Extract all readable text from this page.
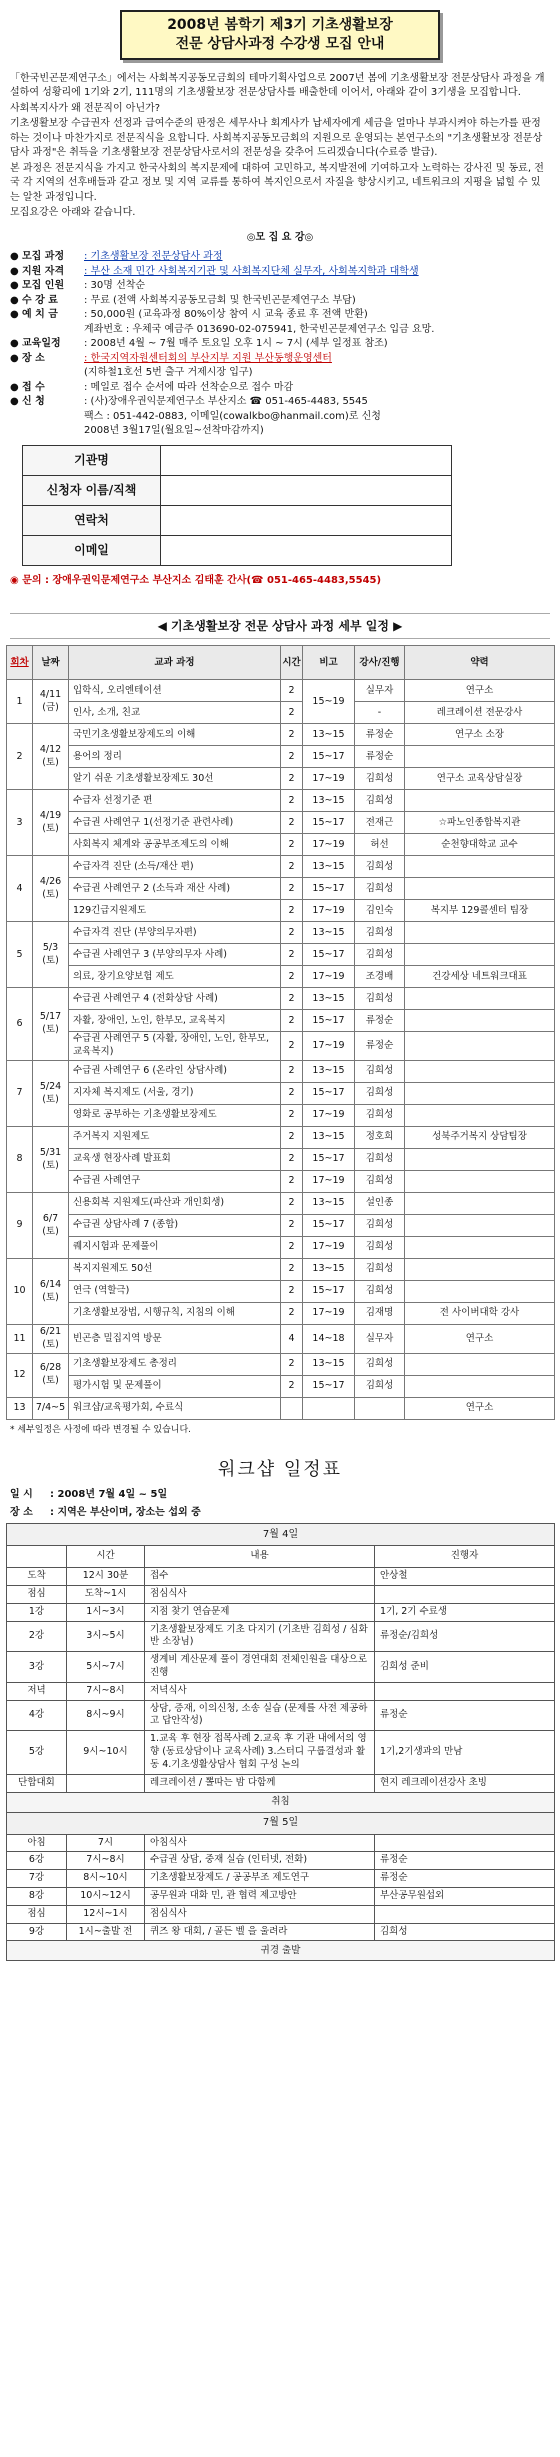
2008년 봄학기 제3기 기초생활보장
전문 상담사과정 수강생 모집 안내

「한국빈곤문제연구소」에서는 사회복지공동모금회의 테마기획사업으로 2007년 봄에 기초생활보장 전문상담사 과정을 개설하여 성황리에 1기와 2기, 111명의 기초생활보장 전문상담사를 배출한데 이어서, 아래와 같이 3기생을 모집합니다.

사회복지사가 왜 전문직이 아닌가?

기초생활보장 수급권자 선정과 급여수준의 판정은 세무사나 회계사가 납세자에게 세금을 얼마나 부과시켜야 하는가를 판정하는 것이나 마찬가지로 전문직식을 요합니다. 사회복지공동모금회의 지원으로 운영되는 본연구소의 "기초생활보장 전문상담사 과정"은 취득을 기초생활보장 전문상담사로서의 전문성을 갖추어 드리겠습니다(수료증 발급).

본 과정은 전문지식을 가지고 한국사회의 복지문제에 대하여 고민하고, 복지발전에 기여하고자 노력하는 강사진 및 동료, 전국 각 지역의 선후배들과 같고 정보 및 지역 교류를 통하여 복지인으로서 자질을 향상시키고, 네트워크의 지평을 넓힐 수 있는 알찬 과정입니다.

모집요강은 아래와 같습니다.

◎모 집 요 강◎
● 모집 과정	: 기초생활보장 전문상담사 과정
● 지원 자격	: 부산 소재 민간 사회복지기관 및 사회복지단체 실무자, 사회복지학과 대학생
● 모집 인원	: 30명 선착순
● 수 강 료	: 무료 (전액 사회복지공동모금회 및 한국빈곤문제연구소 부담)
● 예 치 금	: 50,000원 (교육과정 80%이상 참여 시 교육 종료 후 전액 반환)
계좌번호 : 우체국 예금주 013690-02-075941, 한국빈곤문제연구소 입금 요망.
● 교육일정	: 2008년 4월 ~ 7월 매주 토요일 오후 1시 ~ 7시 (세부 일정표 참조)
● 장 소	: 한국지역자원센터회의 부산지부 지원 부산동행운영센터
(지하철1호선 5번 출구 거제시장 입구)
● 접 수	: 메일로 접수 순서에 따라 선착순으로 접수 마감
● 신 청	: (사)장애우권익문제연구소 부산지소 ☎ 051-465-4483, 5545
팩스 : 051-442-0883, 이메일(cowalkbo@hanmail.com)로 신청
2008년 3월17일(월요일~선착마감까지)
기관명	
신청자 이름/직책	
연락처	
이메일	
◉ 문의 : 장애우권익문제연구소 부산지소 김태훈 간사(☎ 051-465-4483,5545)
◀ 기초생활보장 전문 상담사 과정 세부 일정 ▶
회차	날짜	교과 과정	시간	비고	강사/진행	약력
1	4/11 (금)	입학식, 오리엔테이션	2	15~19	실무자	연구소
		인사, 소개, 친교	2		-	레크레이션 전문강사
2	4/12 (토)	국민기초생활보장제도의 이해	2	13~15	류정순	연구소 소장
		용어의 정리	2	15~17	류정순	
		알기 쉬운 기초생활보장제도 30선	2	17~19	김희성	연구소 교육상담실장
3	4/19 (토)	수급자 선정기준 편	2	13~15	김희성	
		수급권 사례연구 1(선정기준 관련사례)	2	15~17	전재근	☆파노인종합복지관
		사회복지 체계와 공공부조제도의 이해	2	17~19	허선	순천향대학교 교수
4	4/26 (토)	수급자격 진단 (소득/재산 편)	2	13~15	김희성	
		수급권 사례연구 2 (소득과 재산 사례)	2	15~17	김희성	
		129긴급지원제도	2	17~19	김인숙	복지부 129콜센터 팀장
5	5/3 (토)	수급자격 진단 (부양의무자편)	2	13~15	김희성	
		수급권 사례연구 3 (부양의무자 사례)	2	15~17	김희성	
		의료, 장기요양보험 제도	2	17~19	조경배	건강세상 네트워크대표
6	5/17 (토)	수급권 사례연구 4 (전화상담 사례)	2	13~15	김희성	
		자활, 장애인, 노인, 한부모, 교육복지	2	15~17	류정순	
		수급권 사례연구 5 (자활, 장애인, 노인, 한부모, 교육복지)	2	17~19	류정순	
7	5/24 (토)	수급권 사례연구 6 (온라인 상담사례)	2	13~15	김희성	
		지자체 복지제도 (서울, 경기)	2	15~17	김희성	
		영화로 공부하는 기초생활보장제도	2	17~19	김희성	
8	5/31 (토)	주거복지 지원제도	2	13~15	정호희	성북주거복지 상담팀장
		교육생 현장사례 발표회	2	15~17	김희성	
		수급권 사례연구	2	17~19	김희성	
9	6/7 (토)	신용회복 지원제도(파산과 개인회생)	2	13~15	설인종	
		수급권 상담사례 7 (종합)	2	15~17	김희성	
		퀘지시험과 문제풀이	2	17~19	김희성	
10	6/14 (토)	복지지원제도 50선	2	13~15	김희성	
		연극 (역할극)	2	15~17	김희성	
		기초생활보장법, 시행규칙, 지침의 이해	2	17~19	김재명	전 사이버대학 강사
11	6/21 (토)	빈곤층 밀집지역 방문	4	14~18	실무자	연구소
12	6/28 (토)	기초생활보장제도 총정리	2	13~15	김희성	
		평가시험 및 문제풀이	2	15~17	김희성	
13	7/4~5	워크샵/교육평가회, 수료식				연구소
* 세부일정은 사정에 따라 변경될 수 있습니다.
워크샵 일정표
일 시 : 2008년 7월 4일 ~ 5일
장 소 : 지역은 부산이며, 장소는 섭외 중
7월 4일			
	시간	내용	진행자
도착	12시 30분	접수	안상철
점심	도착~1시	점심식사	
1강	1시~3시	지점 찾기 연습문제	1기, 2기 수료생
2강	3시~5시	기초생활보장제도 기초 다지기 (기초반 김희성 / 심화반 소장님)	류정순/김희성
3강	5시~7시	생계비 계산문제 풀이 경연대회 전체인원을 대상으로 진행	김희성 준비
저녁	7시~8시	저녁식사	
4강	8시~9시	상담, 증재, 이의신청, 소송 실습 (문제를 사전 제공하고 답안작성)	류정순
5강	9시~10시	1.교육 후 현장 접목사례 2.교육 후 기관 내에서의 영향 (동료상담이나 교육사례) 3.스터디 구룹결성과 활동 4.기초생활상담사 협회 구성 논의	1기,2기생과의 만남
단합대회		레크레이션 / 뽈따는 밤 다함께	현지 레크레이션강사 초빙
취침			
7월 5일			
아침	7시	아침식사	
6강	7시~8시	수급권 상담, 중재 실습 (인터넷, 전화)	류정순
7강	8시~10시	기초생활보장제도 / 공공부조 제도연구	류정순
8강	10시~12시	공무원과 대화 민, 관 협력 제고방안	부산공무원섭외
점심	12시~1시	점심식사	
9강	1시~출발 전	퀴즈 왕 대회, / 골든 벨 을 울려라	김희성
귀경 출발			
